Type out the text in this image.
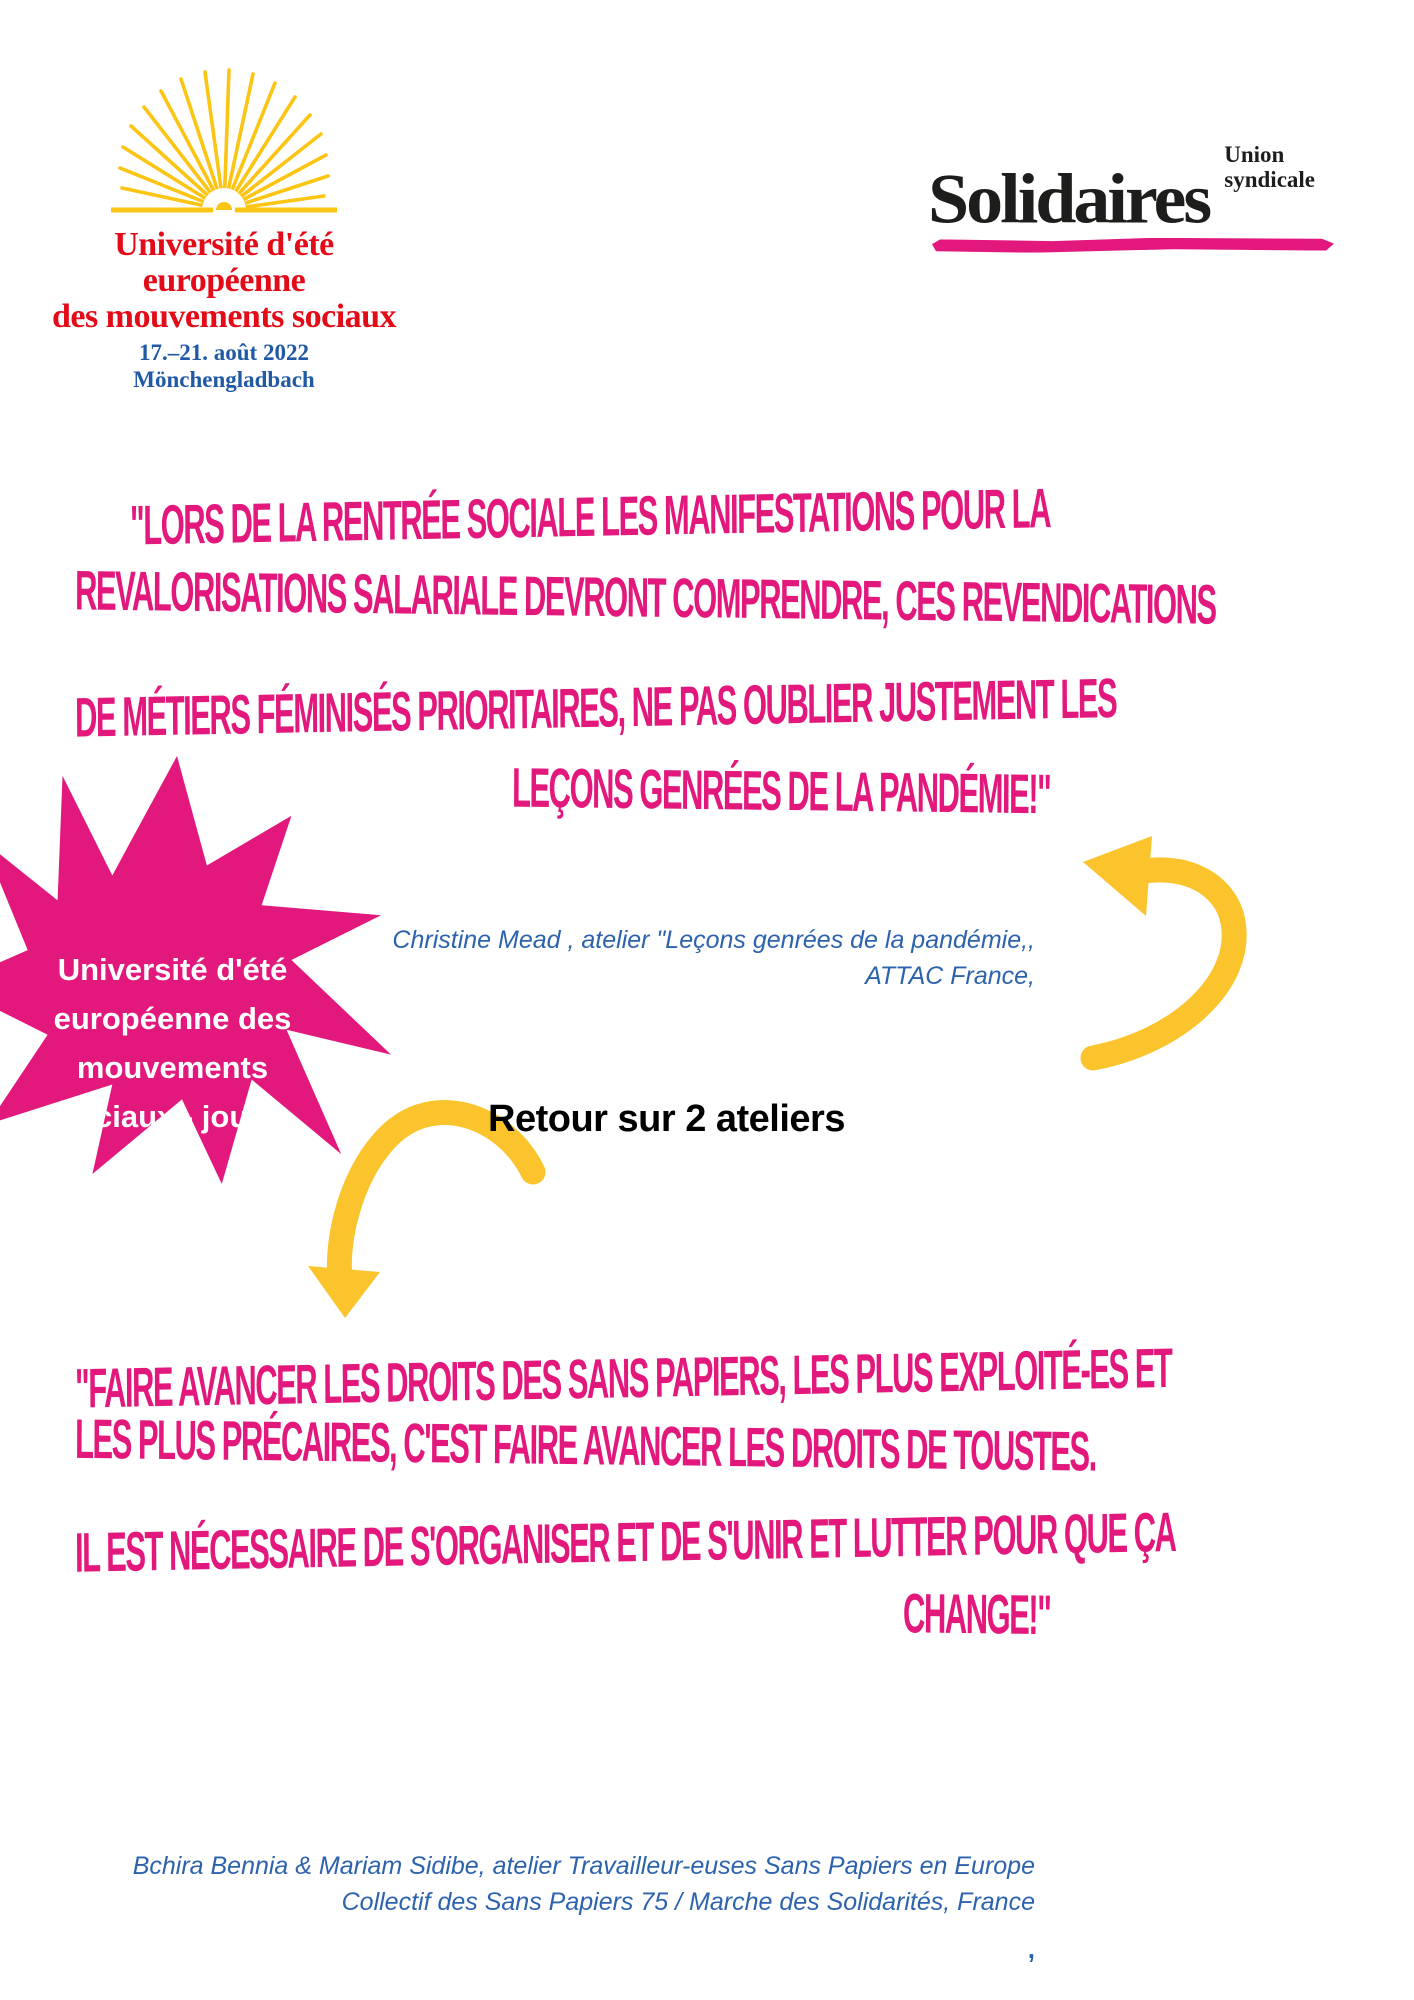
Université d'été
européenne
des mouvements sociaux
17.–21. août 2022
Mönchengladbach
Union
syndicale
Solidaires
"LORS DE LA RENTRÉE SOCIALE LES MANIFESTATIONS POUR LA
REVALORISATIONS SALARIALE DEVRONT COMPRENDRE, CES REVENDICATIONS
DE MÉTIERS FÉMINISÉS PRIORITAIRES, NE PAS OUBLIER JUSTEMENT LES
LEÇONS GENRÉES DE LA PANDÉMIE!"
Christine Mead , atelier "Leçons genrées de la pandémie,,
ATTAC France,
Université d'été
européenne des
mouvements
sociaux - jour 3	Retour sur 2 ateliers
"FAIRE AVANCER LES DROITS DES SANS PAPIERS, LES PLUS EXPLOITÉ-ES ET
LES PLUS PRÉCAIRES, C'EST FAIRE AVANCER LES DROITS DE TOUSTES.
IL EST NÉCESSAIRE DE S'ORGANISER ET DE S'UNIR ET LUTTER POUR QUE ÇA
CHANGE!"
Bchira Bennia & Mariam Sidibe, atelier Travailleur-euses Sans Papiers en Europe
Collectif des Sans Papiers 75 / Marche des Solidarités, France
,
